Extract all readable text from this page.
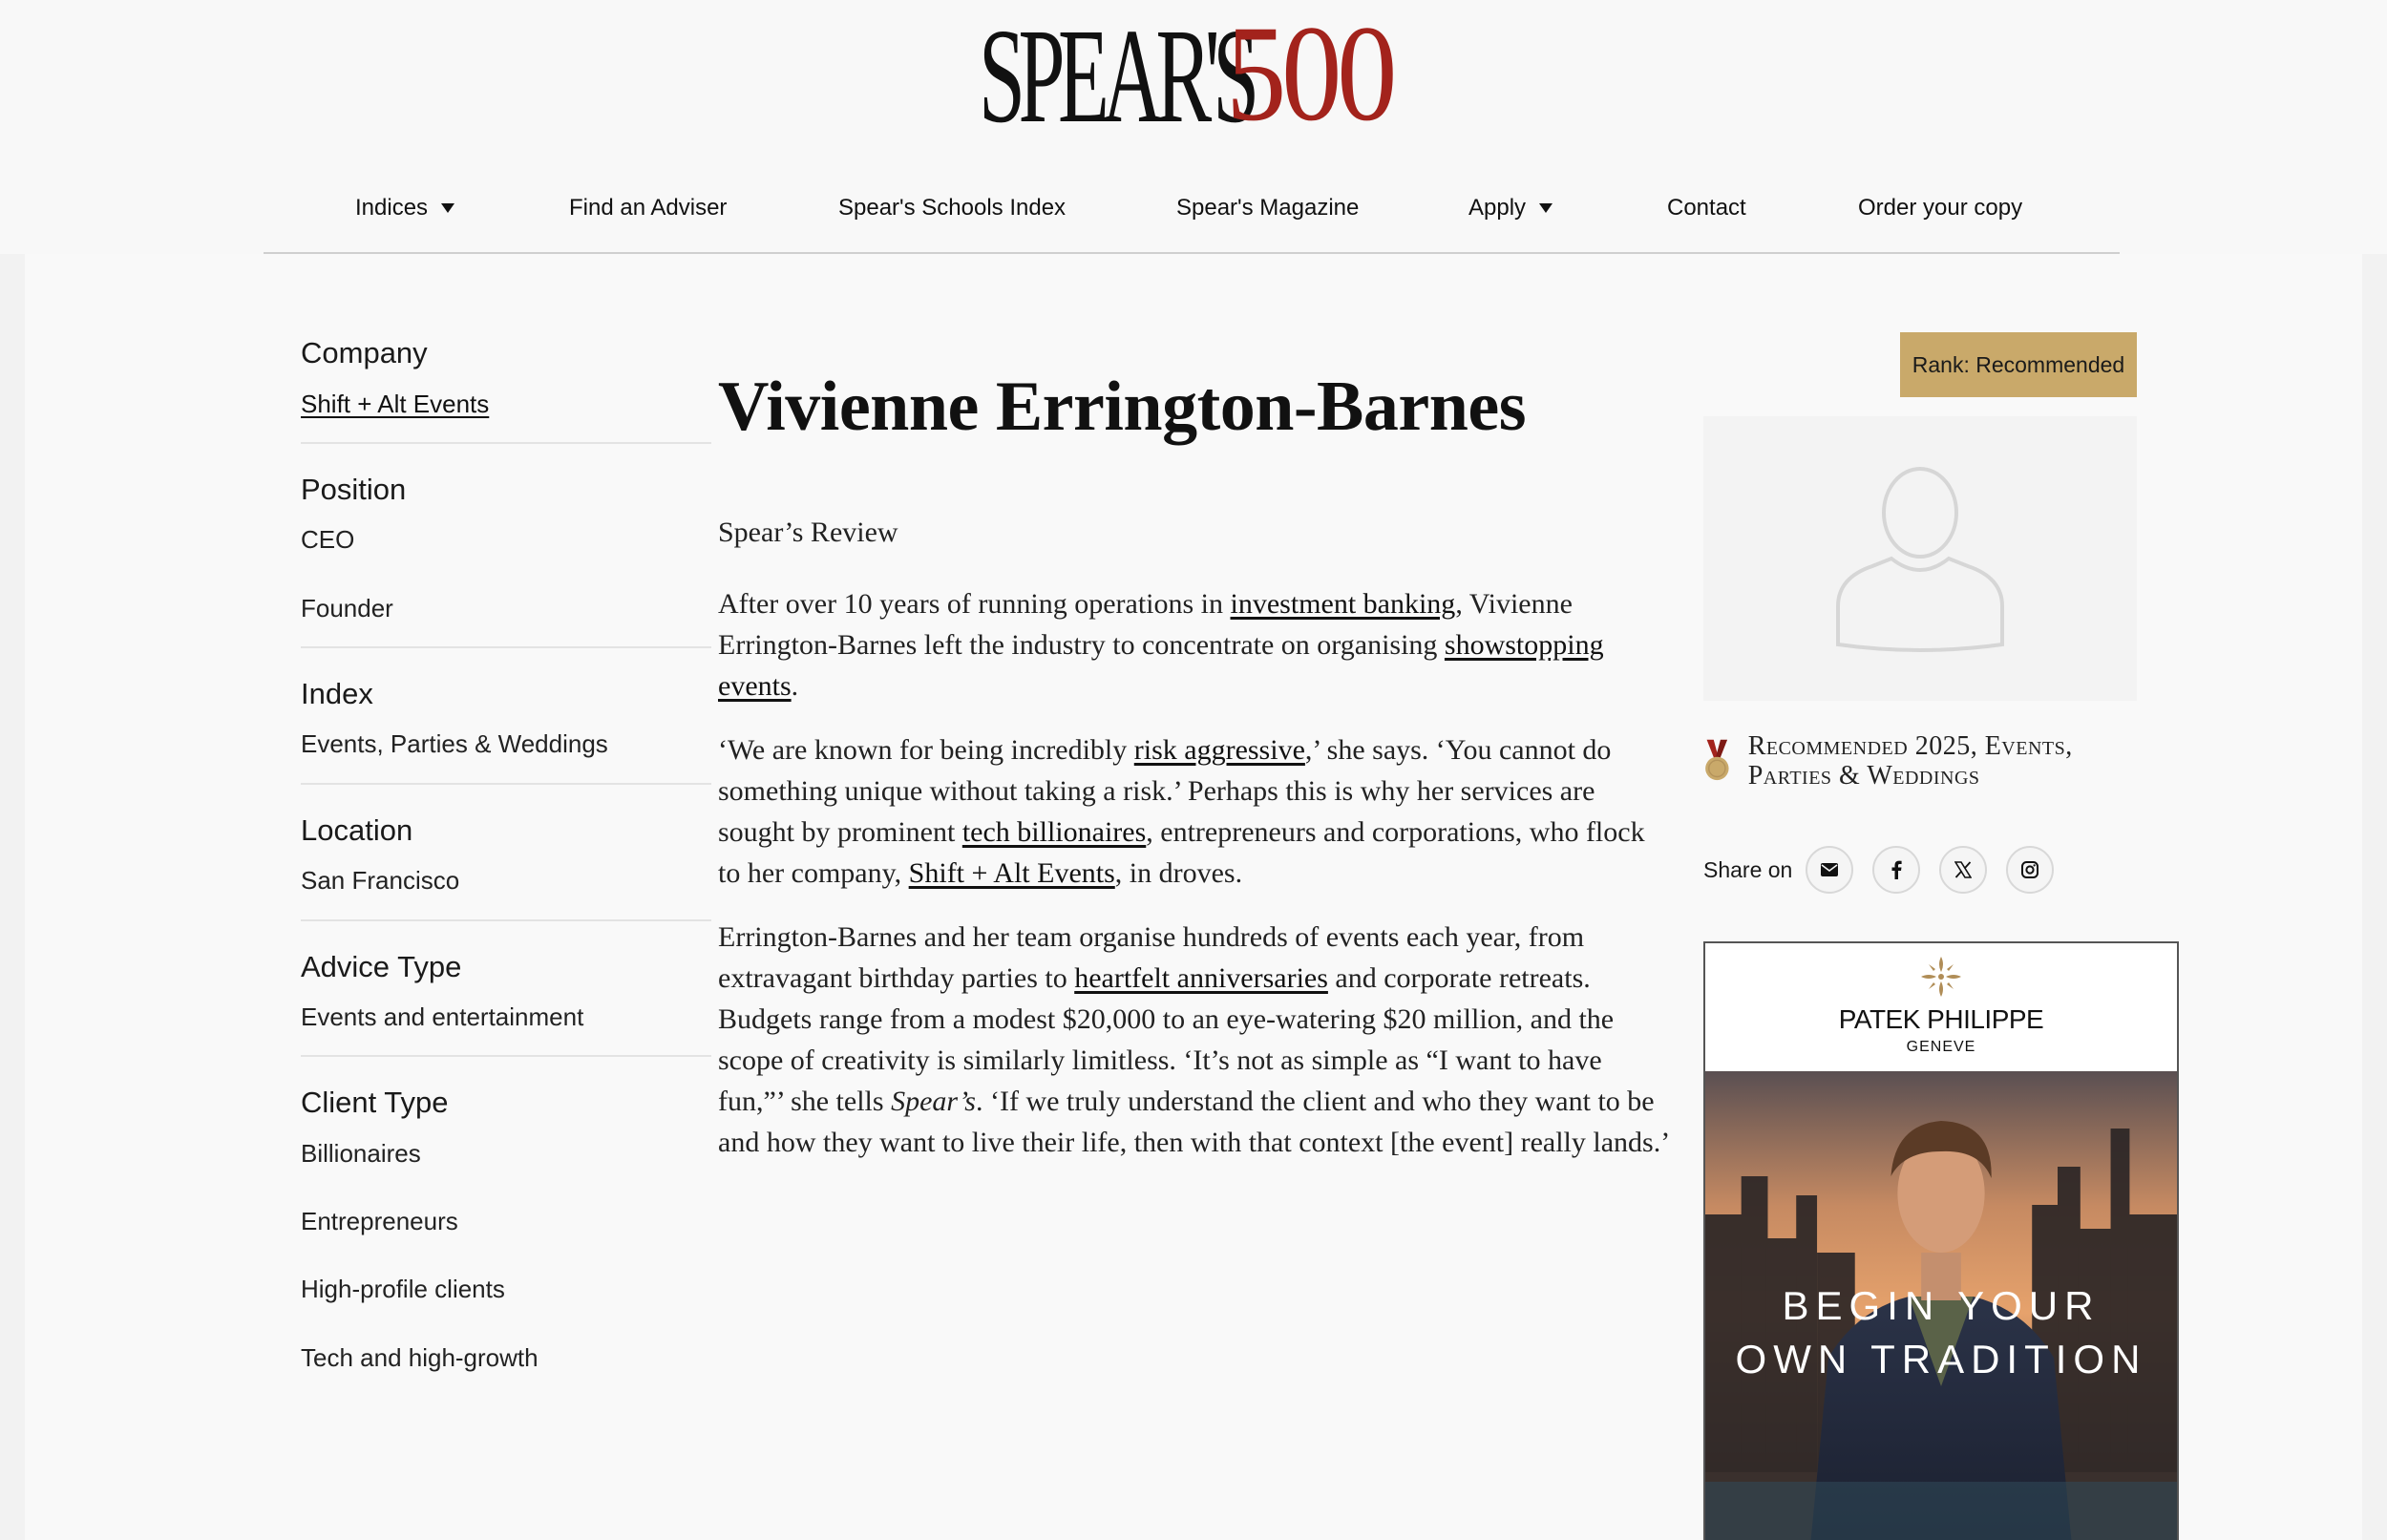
SPEAR'S
500
Indices	Find an Adviser	Spear's Schools Index	Spear's Magazine	Apply	Contact	Order your copy
Company
Shift + Alt Events
Position
CEO
Founder
Index
Events, Parties & Weddings
Location
San Francisco
Advice Type
Events and entertainment
Client Type
Billionaires
Entrepreneurs
High-profile clients
Tech and high-growth
Vivienne Errington-Barnes
Spear’s Review

After over 10 years of running operations in investment banking, Vivienne Errington-Barnes left the industry to concentrate on organising showstopping events.

‘We are known for being incredibly risk aggressive,’ she says. ‘You cannot do something unique without taking a risk.’ Perhaps this is why her services are sought by prominent tech billionaires, entrepreneurs and corporations, who flock to her company, Shift + Alt Events, in droves.

Errington-Barnes and her team organise hundreds of events each year, from extravagant birthday parties to heartfelt anniversaries and corporate retreats. Budgets range from a modest $20,000 to an eye-watering $20 million, and the scope of creativity is similarly limitless. ‘It’s not as simple as “I want to have fun,”’ she tells Spear’s. ‘If we truly understand the client and who they want to be and how they want to live their life, then with that context [the event] really lands.’

Rank: Recommended
Recommended 2025, Events, Parties & Weddings
Share on
PATEK PHILIPPE
GENEVE
BEGIN YOUR
OWN TRADITION
